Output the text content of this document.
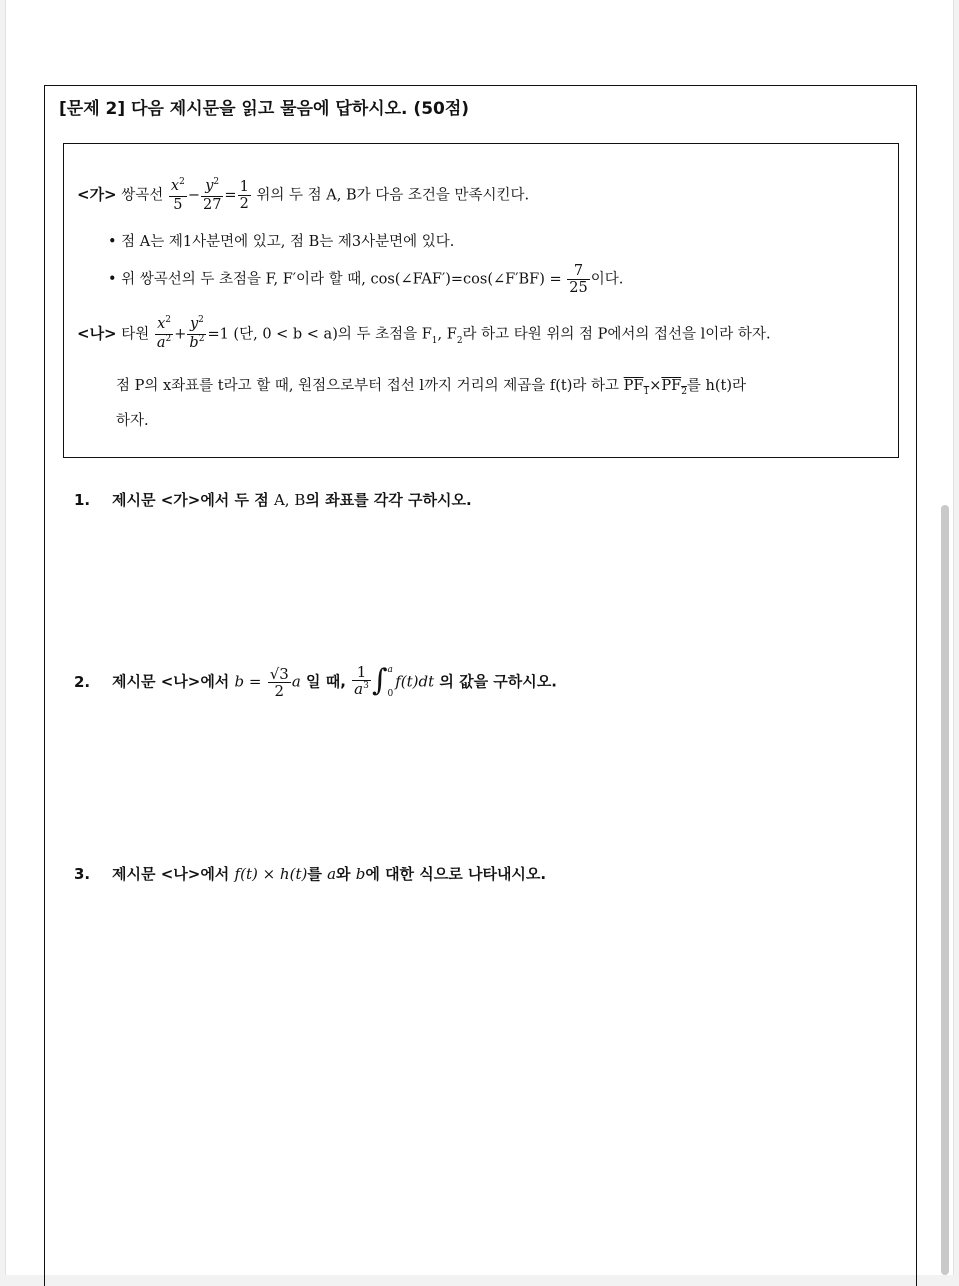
[문제 2] 다음 제시문을 읽고 물음에 답하시오. (50점)
<가> 쌍곡선 $\frac{x^2}{5} - \frac{y^2}{27} = \frac{1}{2}$ 위의 두 점 A, B가 다음 조건을 만족시킨다.
• 점 A는 제1사분면에 있고, 점 B는 제3사분면에 있다.
• 위 쌍곡선의 두 초점을 F, F′이라 할 때, cos(∠FAF′)=cos(∠F′BF) = $\frac{7}{25}$ 이다.
<나> 타원 $\frac{x^2}{a^2} + \frac{y^2}{b^2} =1$ (단, 0 < b < a)의 두 초점을 $F_1$, $F_2$라 하고 타원 위의 점 P에서의 접선을 l이라 하자.
점 P의 x좌표를 t라고 할 때, 원점으로부터 접선 l까지 거리의 제곱을 f(t)라 하고 $PF_1\times PF_2$를 h(t)라
하자.
1. 제시문 <가>에서 두 점 A, B의 좌표를 각각 구하시오.
2. 제시문 <나>에서 $b = \frac{√3}{2}$ a 일 때, $\frac{1}{a^3}$ ∫ a
0
f(t)dt 의 값을 구하시오.
3. 제시문 <나>에서 f(t) × h(t)를 a와 b에 대한 식으로 나타내시오.
